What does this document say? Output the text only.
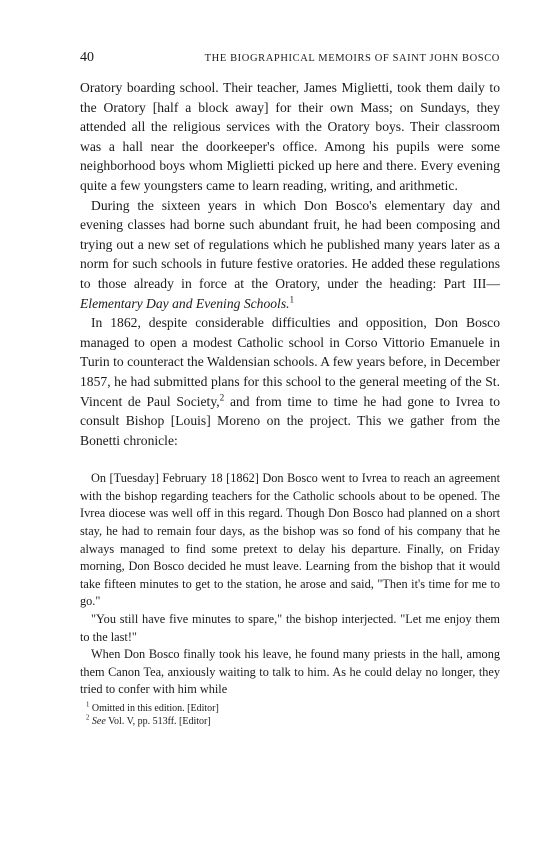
40	THE BIOGRAPHICAL MEMOIRS OF SAINT JOHN BOSCO

Oratory boarding school. Their teacher, James Miglietti, took them daily to the Oratory [half a block away] for their own Mass; on Sundays, they attended all the religious services with the Oratory boys. Their classroom was a hall near the doorkeeper's office. Among his pupils were some neighborhood boys whom Miglietti picked up here and there. Every evening quite a few youngsters came to learn reading, writing, and arithmetic.

During the sixteen years in which Don Bosco's elementary day and evening classes had borne such abundant fruit, he had been composing and trying out a new set of regulations which he published many years later as a norm for such schools in future festive oratories. He added these regulations to those already in force at the Oratory, under the heading: Part III—Elementary Day and Evening Schools.$^1$

In 1862, despite considerable difficulties and opposition, Don Bosco managed to open a modest Catholic school in Corso Vittorio Emanuele in Turin to counteract the Waldensian schools. A few years before, in December 1857, he had submitted plans for this school to the general meeting of the St. Vincent de Paul Society,$^2$ and from time to time he had gone to Ivrea to consult Bishop [Louis] Moreno on the project. This we gather from the Bonetti chronicle:

On [Tuesday] February 18 [1862] Don Bosco went to Ivrea to reach an agreement with the bishop regarding teachers for the Catholic schools about to be opened. The Ivrea diocese was well off in this regard. Though Don Bosco had planned on a short stay, he had to remain four days, as the bishop was so fond of his company that he always managed to find some pretext to delay his departure. Finally, on Friday morning, Don Bosco decided he must leave. Learning from the bishop that it would take fifteen minutes to get to the station, he arose and said, "Then it's time for me to go."

"You still have five minutes to spare," the bishop interjected. "Let me enjoy them to the last!"

When Don Bosco finally took his leave, he found many priests in the hall, among them Canon Tea, anxiously waiting to talk to him. As he could delay no longer, they tried to confer with him while

$^1$ Omitted in this edition. [Editor]

$^2$ See Vol. V, pp. 513ff. [Editor]
